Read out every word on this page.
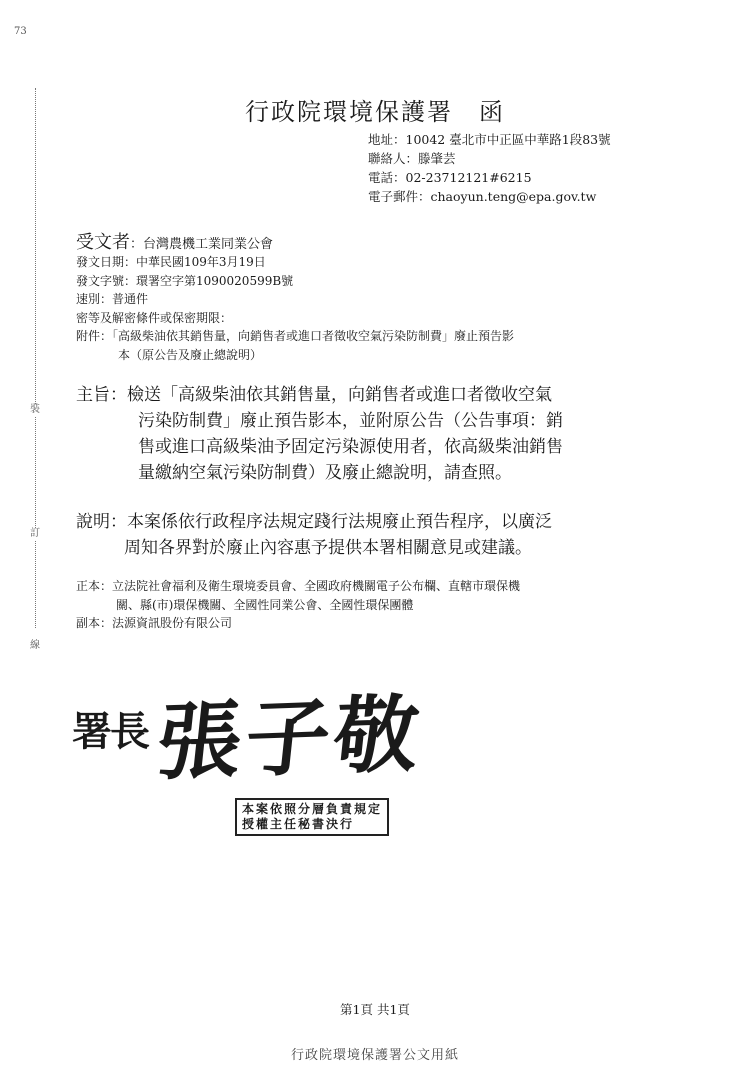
73
裝
訂
線
行政院環境保護署 函
地址：10042 臺北市中正區中華路1段83號
聯絡人：滕肇芸
電話：02-23712121#6215
電子郵件：chaoyun.teng@epa.gov.tw
受文者：台灣農機工業同業公會
發文日期：中華民國109年3月19日
發文字號：環署空字第1090020599B號
速別：普通件
密等及解密條件或保密期限：
附件：「高級柴油依其銷售量，向銷售者或進口者徵收空氣污染防制費」廢止預告影
本（原公告及廢止總說明）
主旨：檢送「高級柴油依其銷售量，向銷售者或進口者徵收空氣
污染防制費」廢止預告影本，並附原公告（公告事項：銷
售或進口高級柴油予固定污染源使用者，依高級柴油銷售
量繳納空氣污染防制費）及廢止總說明，請查照。
說明：本案係依行政程序法規定踐行法規廢止預告程序，以廣泛
周知各界對於廢止內容惠予提供本署相關意見或建議。
正本：立法院社會福利及衛生環境委員會、全國政府機關電子公布欄、直轄市環保機
關、縣(市)環保機關、全國性同業公會、全國性環保團體
副本：法源資訊股份有限公司
署長 張子敬
本案依照分層負責規定
授權主任秘書決行
第1頁 共1頁
行政院環境保護署公文用紙
